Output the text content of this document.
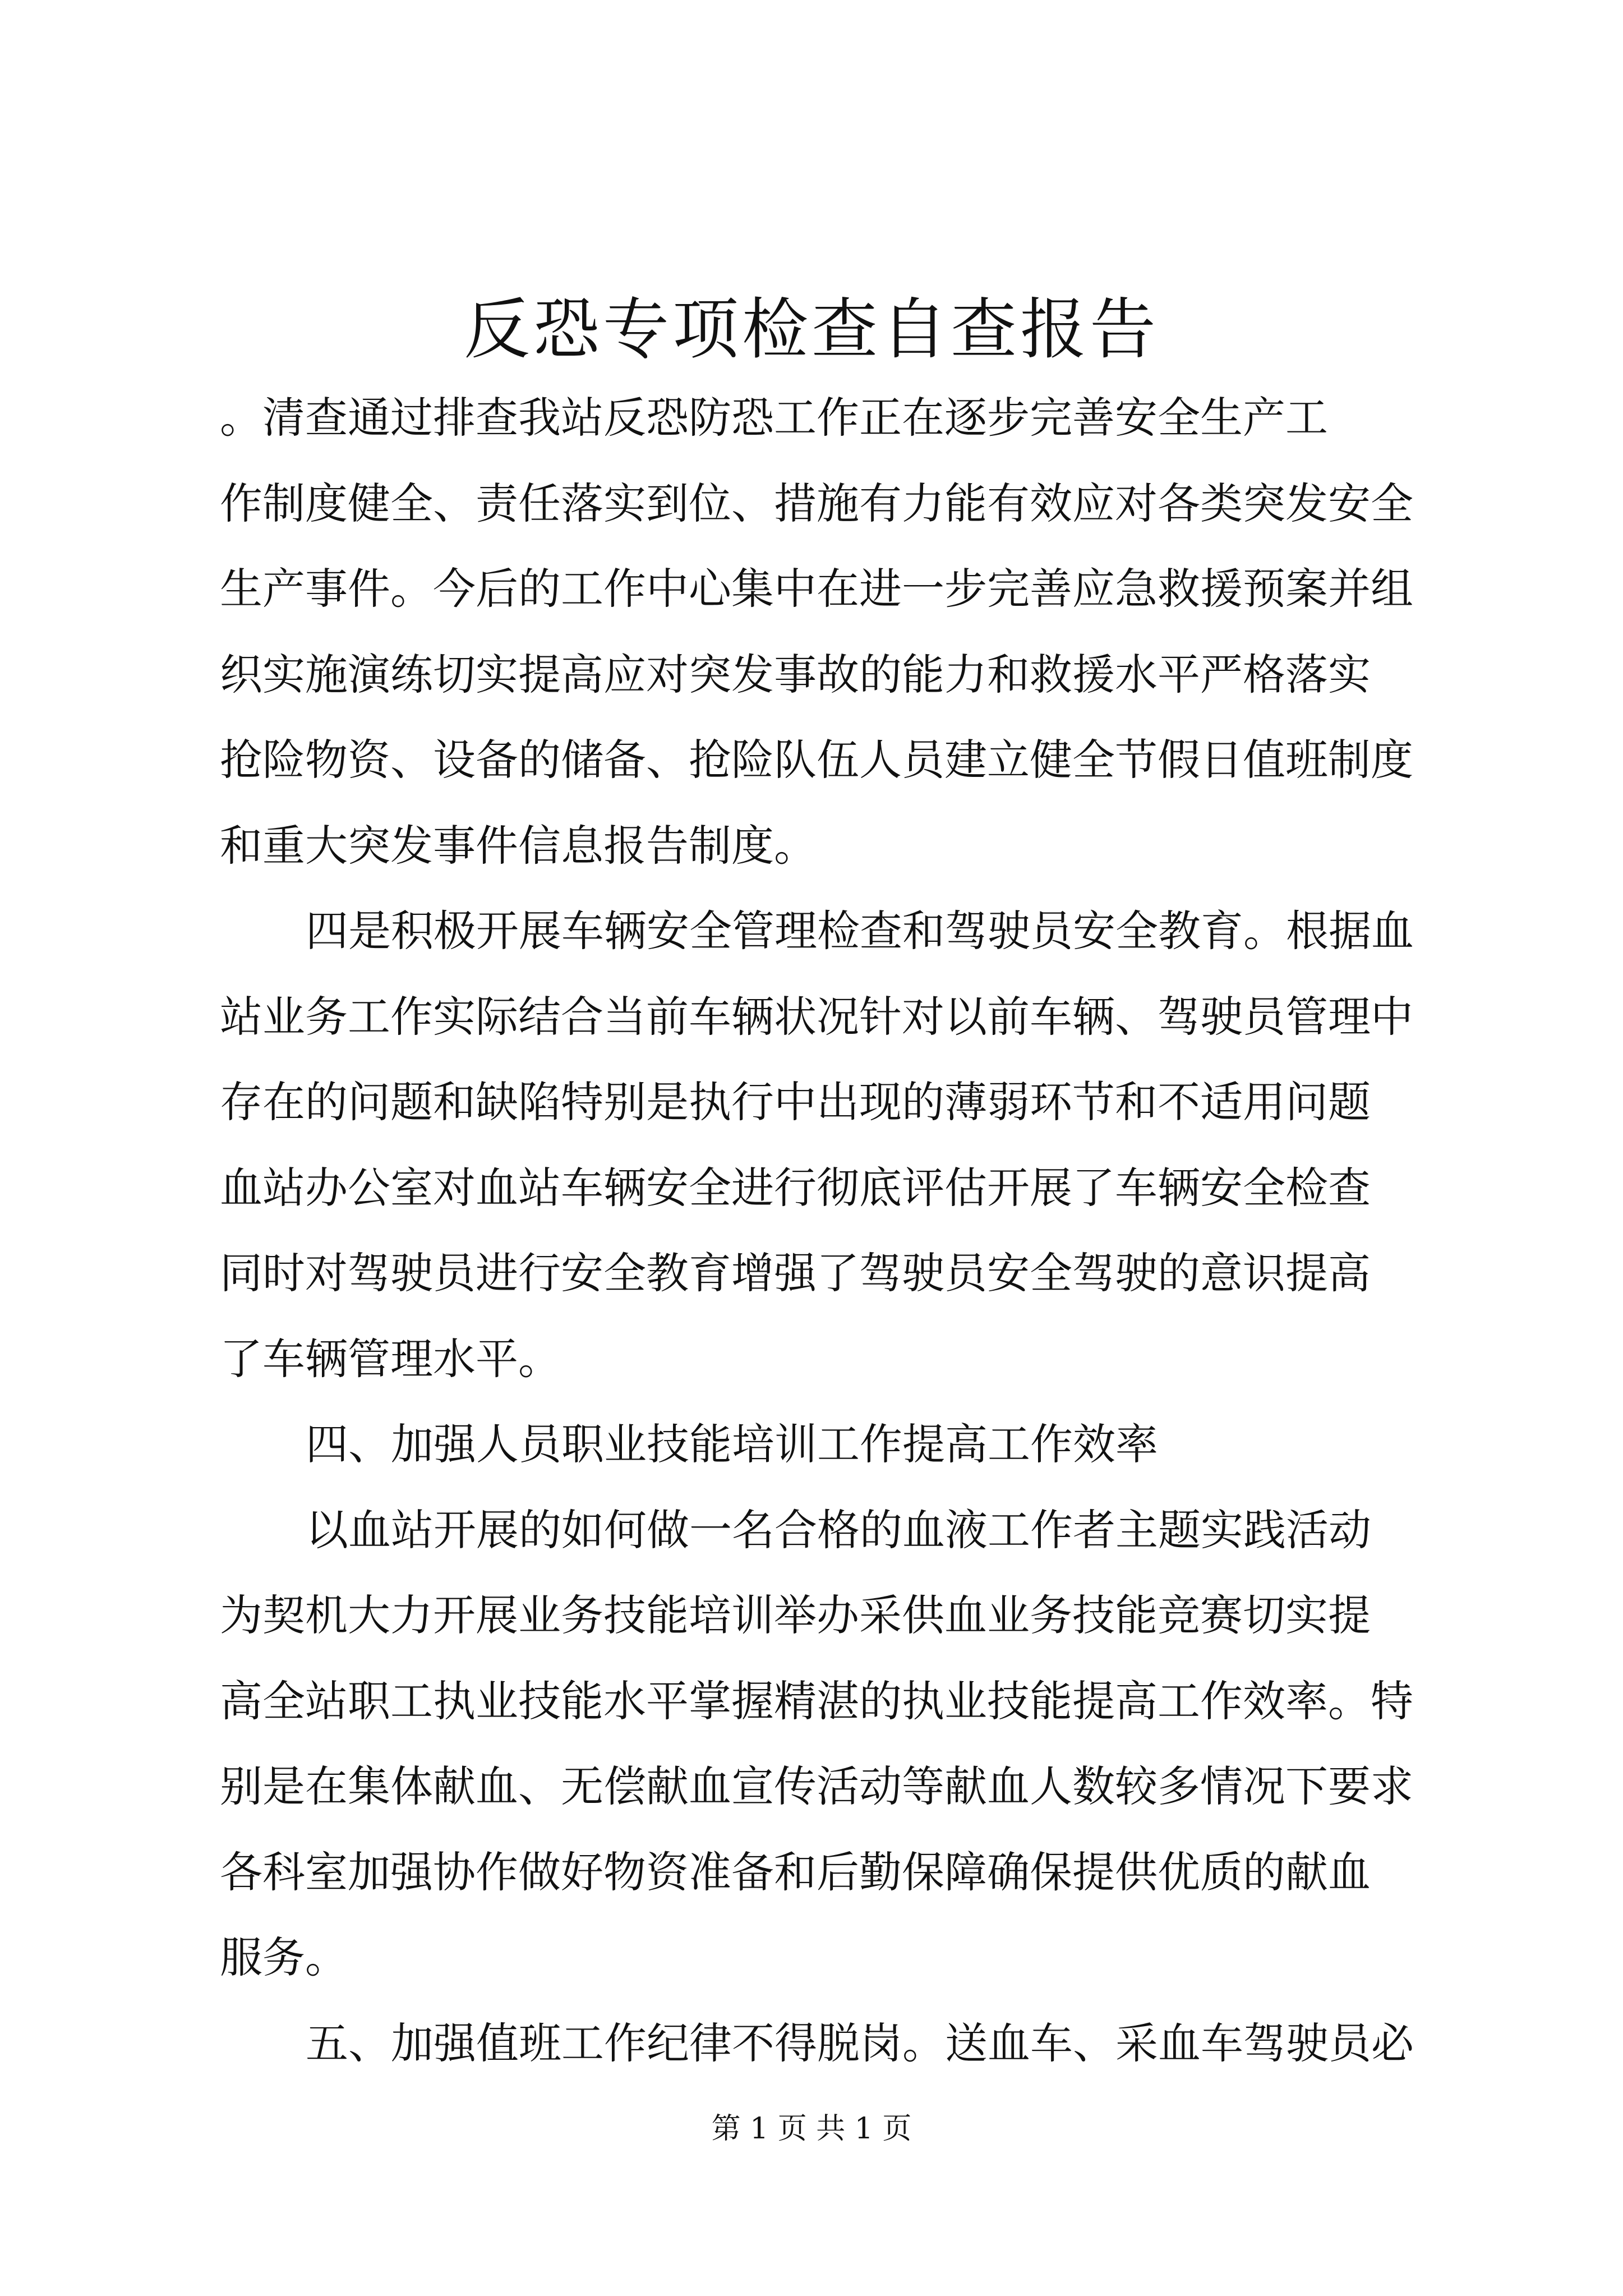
反恐专项检查自查报告

。清查通过排查我站反恐防恐工作正在逐步完善安全生产工

作制度健全、责任落实到位、措施有力能有效应对各类突发安全

生产事件。今后的工作中心集中在进一步完善应急救援预案并组

织实施演练切实提高应对突发事故的能力和救援水平严格落实

抢险物资、设备的储备、抢险队伍人员建立健全节假日值班制度

和重大突发事件信息报告制度。

四是积极开展车辆安全管理检查和驾驶员安全教育。根据血

站业务工作实际结合当前车辆状况针对以前车辆、驾驶员管理中

存在的问题和缺陷特别是执行中出现的薄弱环节和不适用问题

血站办公室对血站车辆安全进行彻底评估开展了车辆安全检查

同时对驾驶员进行安全教育增强了驾驶员安全驾驶的意识提高

了车辆管理水平。

四、加强人员职业技能培训工作提高工作效率

以血站开展的如何做一名合格的血液工作者主题实践活动

为契机大力开展业务技能培训举办采供血业务技能竞赛切实提

高全站职工执业技能水平掌握精湛的执业技能提高工作效率。特

别是在集体献血、无偿献血宣传活动等献血人数较多情况下要求

各科室加强协作做好物资准备和后勤保障确保提供优质的献血

服务。

五、加强值班工作纪律不得脱岗。送血车、采血车驾驶员必

第 1 页 共 1 页
